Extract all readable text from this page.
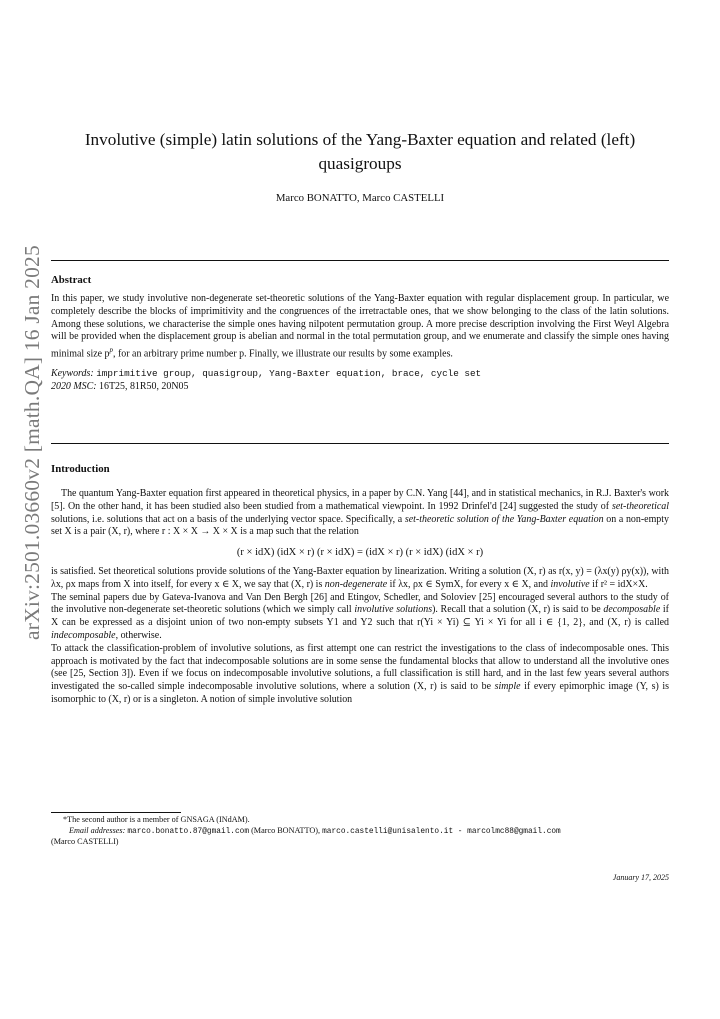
arXiv:2501.03660v2 [math.QA] 16 Jan 2025
Involutive (simple) latin solutions of the Yang-Baxter equation and related (left) quasigroups
Marco BONATTO, Marco CASTELLI
Abstract

In this paper, we study involutive non-degenerate set-theoretic solutions of the Yang-Baxter equation with regular displacement group. In particular, we completely describe the blocks of imprimitivity and the congruences of the irretractable ones, that we show belonging to the class of the latin solutions. Among these solutions, we characterise the simple ones having nilpotent permutation group. A more precise description involving the First Weyl Algebra will be provided when the displacement group is abelian and normal in the total permutation group, and we enumerate and classify the simple ones having minimal size $p^p$, for an arbitrary prime number p. Finally, we illustrate our results by some examples.

Keywords: imprimitive group, quasigroup, Yang-Baxter equation, brace, cycle set

2020 MSC: 16T25, 81R50, 20N05

Introduction

The quantum Yang-Baxter equation first appeared in theoretical physics, in a paper by C.N. Yang [44], and in statistical mechanics, in R.J. Baxter's work [5]. On the other hand, it has been studied also been studied from a mathematical viewpoint. In 1992 Drinfel'd [24] suggested the study of set-theoretical solutions, i.e. solutions that act on a basis of the underlying vector space. Specifically, a set-theoretic solution of the Yang-Baxter equation on a non-empty set X is a pair (X, r), where r : X × X → X × X is a map such that the relation

(r × idX) (idX × r) (r × idX) = (idX × r) (r × idX) (idX × r)

is satisfied. Set theoretical solutions provide solutions of the Yang-Baxter equation by linearization. Writing a solution (X, r) as r(x, y) = (λx(y) ρy(x)), with λx, ρx maps from X into itself, for every x ∈ X, we say that (X, r) is non-degenerate if λx, ρx ∈ SymX, for every x ∈ X, and involutive if r² = idX×X.

The seminal papers due by Gateva-Ivanova and Van Den Bergh [26] and Etingov, Schedler, and Soloviev [25] encouraged several authors to the study of the involutive non-degenerate set-theoretic solutions (which we simply call involutive solutions). Recall that a solution (X, r) is said to be decomposable if X can be expressed as a disjoint union of two non-empty subsets Y1 and Y2 such that r(Yi × Yi) ⊆ Yi × Yi for all i ∈ {1, 2}, and (X, r) is called indecomposable, otherwise.

To attack the classification-problem of involutive solutions, as first attempt one can restrict the investigations to the class of indecomposable ones. This approach is motivated by the fact that indecomposable solutions are in some sense the fundamental blocks that allow to understand all the involutive ones (see [25, Section 3]). Even if we focus on indecomposable involutive solutions, a full classification is still hard, and in the last few years several authors investigated the so-called simple indecomposable involutive solutions, where a solution (X, r) is said to be simple if every epimorphic image (Y, s) is isomorphic to (X, r) or is a singleton. A notion of simple involutive solution

*The second author is a member of GNSAGA (INdAM).
Email addresses: marco.bonatto.87@gmail.com (Marco BONATTO), marco.castelli@unisalento.it - marcolmc88@gmail.com
(Marco CASTELLI)
January 17, 2025
